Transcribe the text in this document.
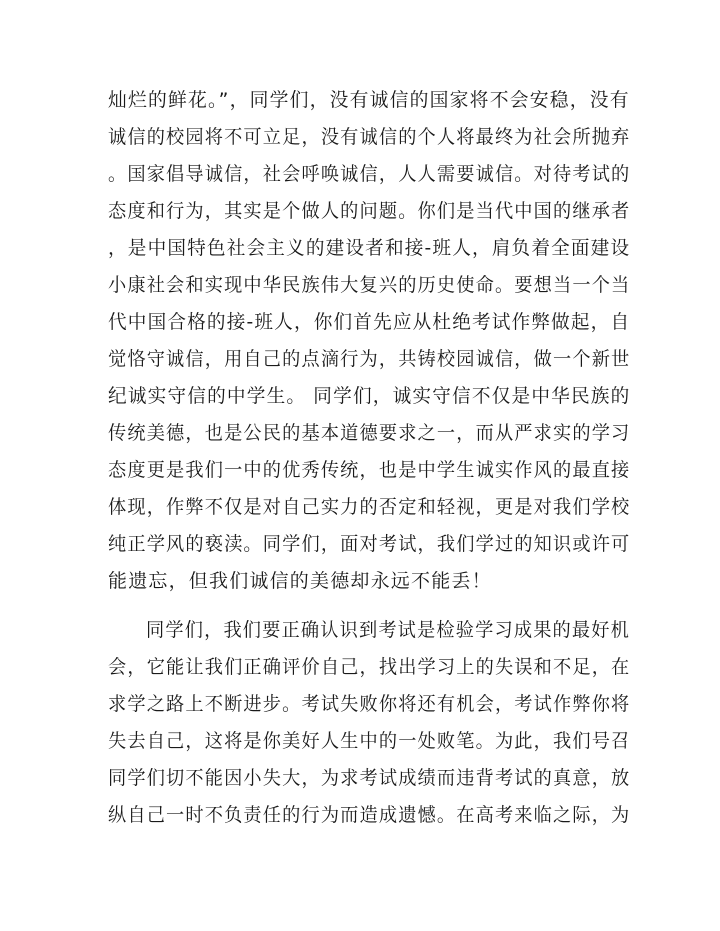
灿烂的鲜花。”，同学们，没有诚信的国家将不会安稳，没有
诚信的校园将不可立足，没有诚信的个人将最终为社会所抛弃
。国家倡导诚信，社会呼唤诚信，人人需要诚信。对待考试的
态度和行为，其实是个做人的问题。你们是当代中国的继承者
，是中国特色社会主义的建设者和接-班人，肩负着全面建设
小康社会和实现中华民族伟大复兴的历史使命。要想当一个当
代中国合格的接-班人，你们首先应从杜绝考试作弊做起，自
觉恪守诚信，用自己的点滴行为，共铸校园诚信，做一个新世
纪诚实守信的中学生。 同学们，诚实守信不仅是中华民族的
传统美德，也是公民的基本道德要求之一，而从严求实的学习
态度更是我们一中的优秀传统，也是中学生诚实作风的最直接
体现，作弊不仅是对自己实力的否定和轻视，更是对我们学校
纯正学风的亵渎。同学们，面对考试，我们学过的知识或许可
能遗忘，但我们诚信的美德却永远不能丢！
同学们，我们要正确认识到考试是检验学习成果的最好机
会，它能让我们正确评价自己，找出学习上的失误和不足，在
求学之路上不断进步。考试失败你将还有机会，考试作弊你将
失去自己，这将是你美好人生中的一处败笔。为此，我们号召
同学们切不能因小失大，为求考试成绩而违背考试的真意，放
纵自己一时不负责任的行为而造成遗憾。在高考来临之际，为
